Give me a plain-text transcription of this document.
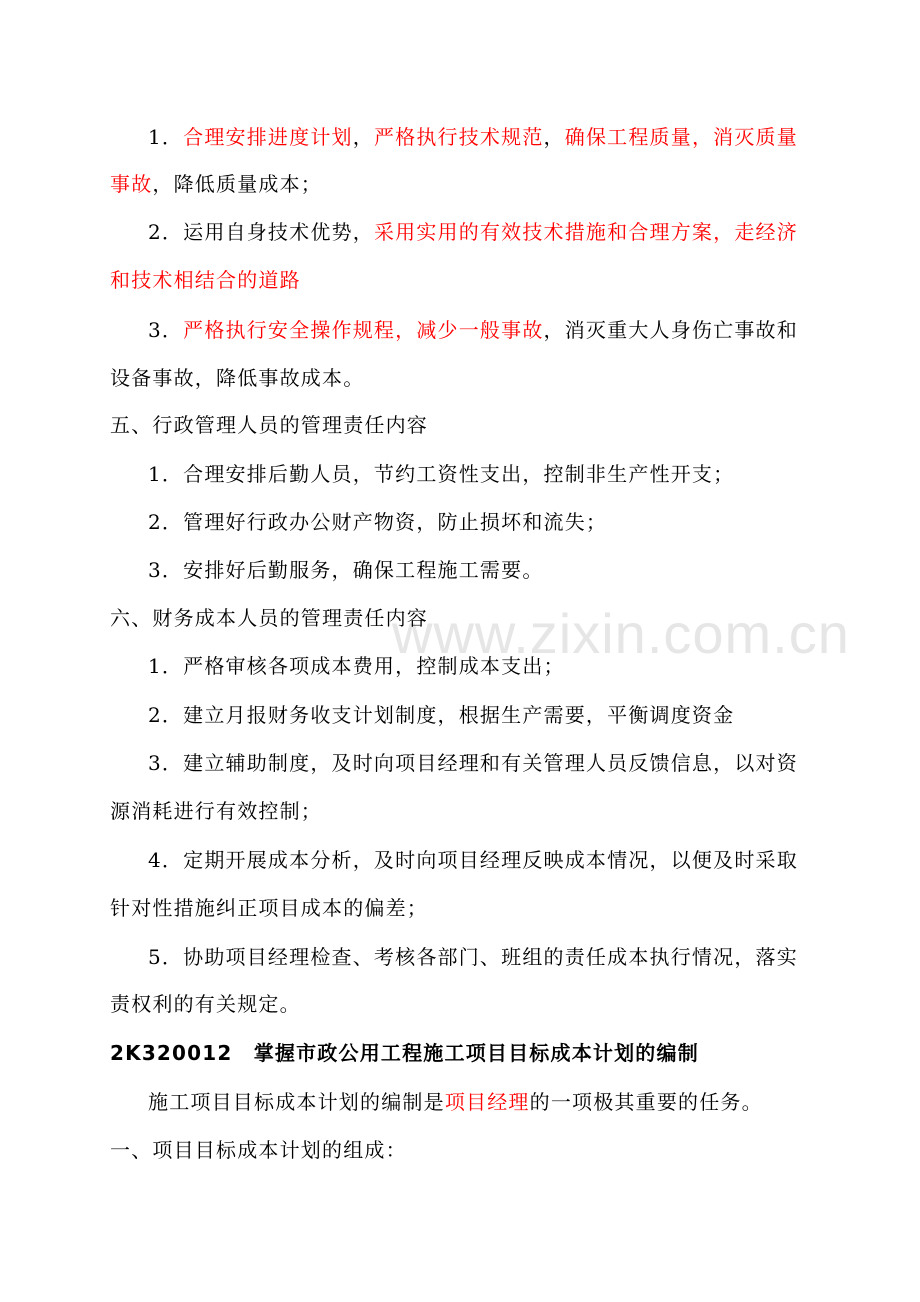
www.zixin.com.cn
1．合理安排进度计划，严格执行技术规范，确保工程质量，消灭质量
事故，降低质量成本；
2．运用自身技术优势，采用实用的有效技术措施和合理方案，走经济
和技术相结合的道路
3．严格执行安全操作规程，减少一般事故，消灭重大人身伤亡事故和
设备事故，降低事故成本。
五、行政管理人员的管理责任内容
1．合理安排后勤人员，节约工资性支出，控制非生产性开支；
2．管理好行政办公财产物资，防止损坏和流失；
3．安排好后勤服务，确保工程施工需要。
六、财务成本人员的管理责任内容
1．严格审核各项成本费用，控制成本支出；
2．建立月报财务收支计划制度，根据生产需要，平衡调度资金
3．建立辅助制度，及时向项目经理和有关管理人员反馈信息，以对资
源消耗进行有效控制；
4．定期开展成本分析，及时向项目经理反映成本情况，以便及时采取
针对性措施纠正项目成本的偏差；
5．协助项目经理检查、考核各部门、班组的责任成本执行情况，落实
责权利的有关规定。
2K320012　掌握市政公用工程施工项目目标成本计划的编制
施工项目目标成本计划的编制是项目经理的一项极其重要的任务。
一、项目目标成本计划的组成：
